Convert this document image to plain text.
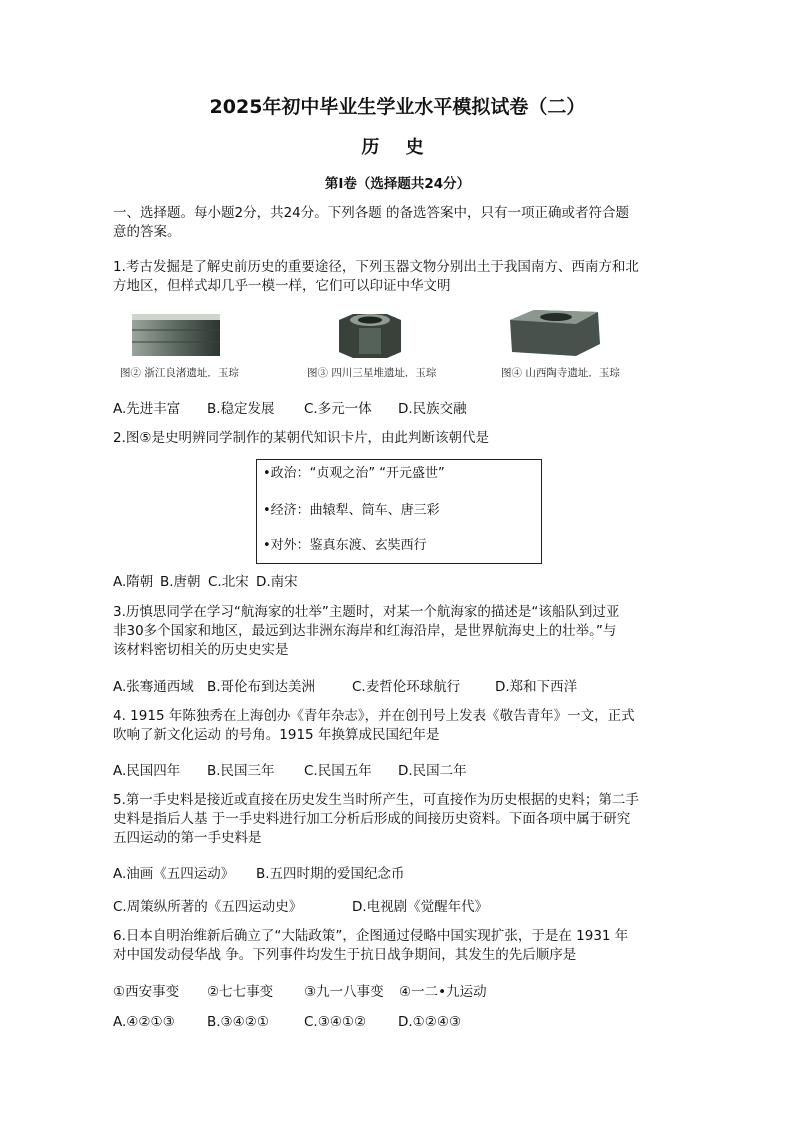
2025年初中毕业生学业水平模拟试卷（二）
历 史
第Ⅰ卷（选择题共24分）
一、选择题。每小题2分，共24分。下列各题 的备选答案中，只有一项正确或者符合题
意的答案。
1.考古发掘是了解史前历史的重要途径，下列玉器文物分别出土于我国南方、西南方和北
方地区，但样式却几乎一模一样，它们可以印证中华文明
图② 浙江良渚遗址．玉琮	图③ 四川三星堆遗址．玉琮	图④ 山西陶寺遗址．玉琮
A.先进丰富 B.稳定发展 C.多元一体 D.民族交融
2.图⑤是史明辨同学制作的某朝代知识卡片，由此判断该朝代是
•政治：“贞观之治” “开元盛世”
•经济：曲辕犁、筒车、唐三彩
•对外：鉴真东渡、玄奘西行
A.隋朝 B.唐朝 C.北宋 D.南宋
3.历慎思同学在学习“航海家的壮举”主题时，对某一个航海家的描述是“该船队到过亚
非30多个国家和地区，最远到达非洲东海岸和红海沿岸，是世界航海史上的壮举。”与
该材料密切相关的历史史实是
A.张骞通西域 B.哥伦布到达美洲	C.麦哲伦环球航行	D.郑和下西洋
4. 1915 年陈独秀在上海创办《青年杂志》，并在创刊号上发表《敬告青年》一文，正式
吹响了新文化运动 的号角。1915 年换算成民国纪年是
A.民国四年 B.民国三年 C.民国五年 D.民国二年
5.第一手史料是接近或直接在历史发生当时所产生，可直接作为历史根据的史料；第二手
史料是指后人基 于一手史料进行加工分析后形成的间接历史资料。下面各项中属于研究
五四运动的第一手史料是
A.油画《五四运动》 B.五四时期的爱国纪念币
C.周策纵所著的《五四运动史》	D.电视剧《觉醒年代》
6.日本自明治维新后确立了“大陆政策”，企图通过侵略中国实现扩张，于是在 1931 年
对中国发动侵华战 争。下列事件均发生于抗日战争期间，其发生的先后顺序是
①西安事变 ②七七事变 ③九一八事变 ④一二•九运动
A.④②①③ B.③④②①	C.③④①② D.①②④③
